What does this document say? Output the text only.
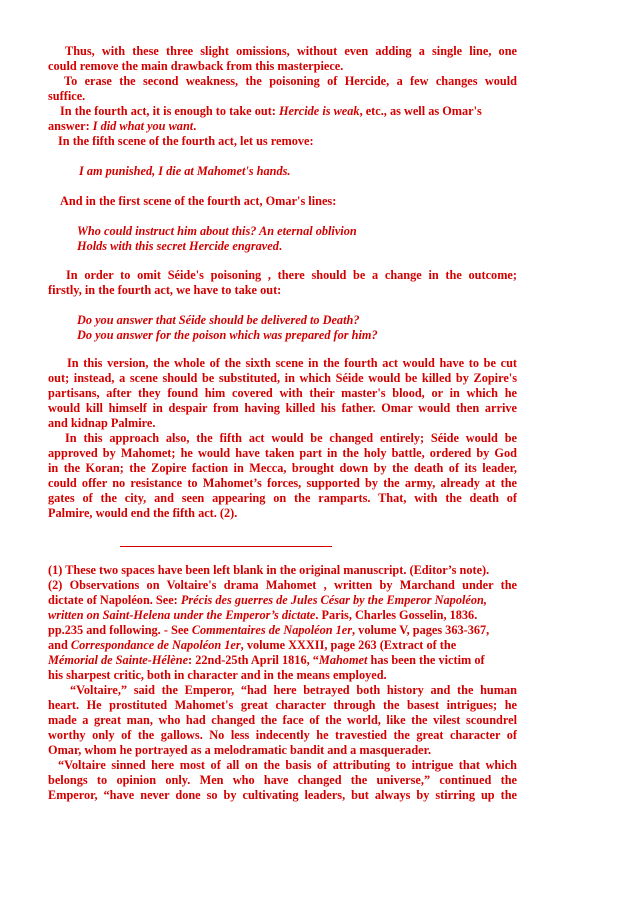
Thus, with these three slight omissions, without even adding a single line, one

could remove the main drawback from this masterpiece.

To erase the second weakness, the poisoning of Hercide, a few changes would

suffice.

In the fourth act, it is enough to take out: Hercide is weak, etc., as well as Omar's

answer: I did what you want.

In the fifth scene of the fourth act, let us remove:

I am punished, I die at Mahomet's hands.

And in the first scene of the fourth act, Omar's lines:

Who could instruct him about this? An eternal oblivion

Holds with this secret Hercide engraved.

In order to omit Séide's poisoning , there should be a change in the outcome;

firstly, in the fourth act, we have to take out:

Do you answer that Séide should be delivered to Death?

Do you answer for the poison which was prepared for him?

In this version, the whole of the sixth scene in the fourth act would have to be cut

out; instead, a scene should be substituted, in which Séide would be killed by Zopire's

partisans, after they found him covered with their master's blood, or in which he

would kill himself in despair from having killed his father. Omar would then arrive

and kidnap Palmire.

In this approach also, the fifth act would be changed entirely; Séide would be

approved by Mahomet; he would have taken part in the holy battle, ordered by God

in the Koran; the Zopire faction in Mecca, brought down by the death of its leader,

could offer no resistance to Mahomet’s forces, supported by the army, already at the

gates of the city, and seen appearing on the ramparts. That, with the death of

Palmire, would end the fifth act. (2).

(1) These two spaces have been left blank in the original manuscript. (Editor’s note).

(2) Observations on Voltaire's drama Mahomet , written by Marchand under the

dictate of Napoléon. See: Précis des guerres de Jules César by the Emperor Napoléon,

written on Saint-Helena under the Emperor’s dictate. Paris, Charles Gosselin, 1836.

pp.235 and following. - See Commentaires de Napoléon 1er, volume V, pages 363-367,

and Correspondance de Napoléon 1er, volume XXXII, page 263 (Extract of the

Mémorial de Sainte-Hélène: 22nd-25th April 1816, “Mahomet has been the victim of

his sharpest critic, both in character and in the means employed.

“Voltaire,” said the Emperor, “had here betrayed both history and the human

heart. He prostituted Mahomet's great character through the basest intrigues; he

made a great man, who had changed the face of the world, like the vilest scoundrel

worthy only of the gallows. No less indecently he travestied the great character of

Omar, whom he portrayed as a melodramatic bandit and a masquerader.

“Voltaire sinned here most of all on the basis of attributing to intrigue that which

belongs to opinion only. Men who have changed the universe,” continued the

Emperor, “have never done so by cultivating leaders, but always by stirring up the
